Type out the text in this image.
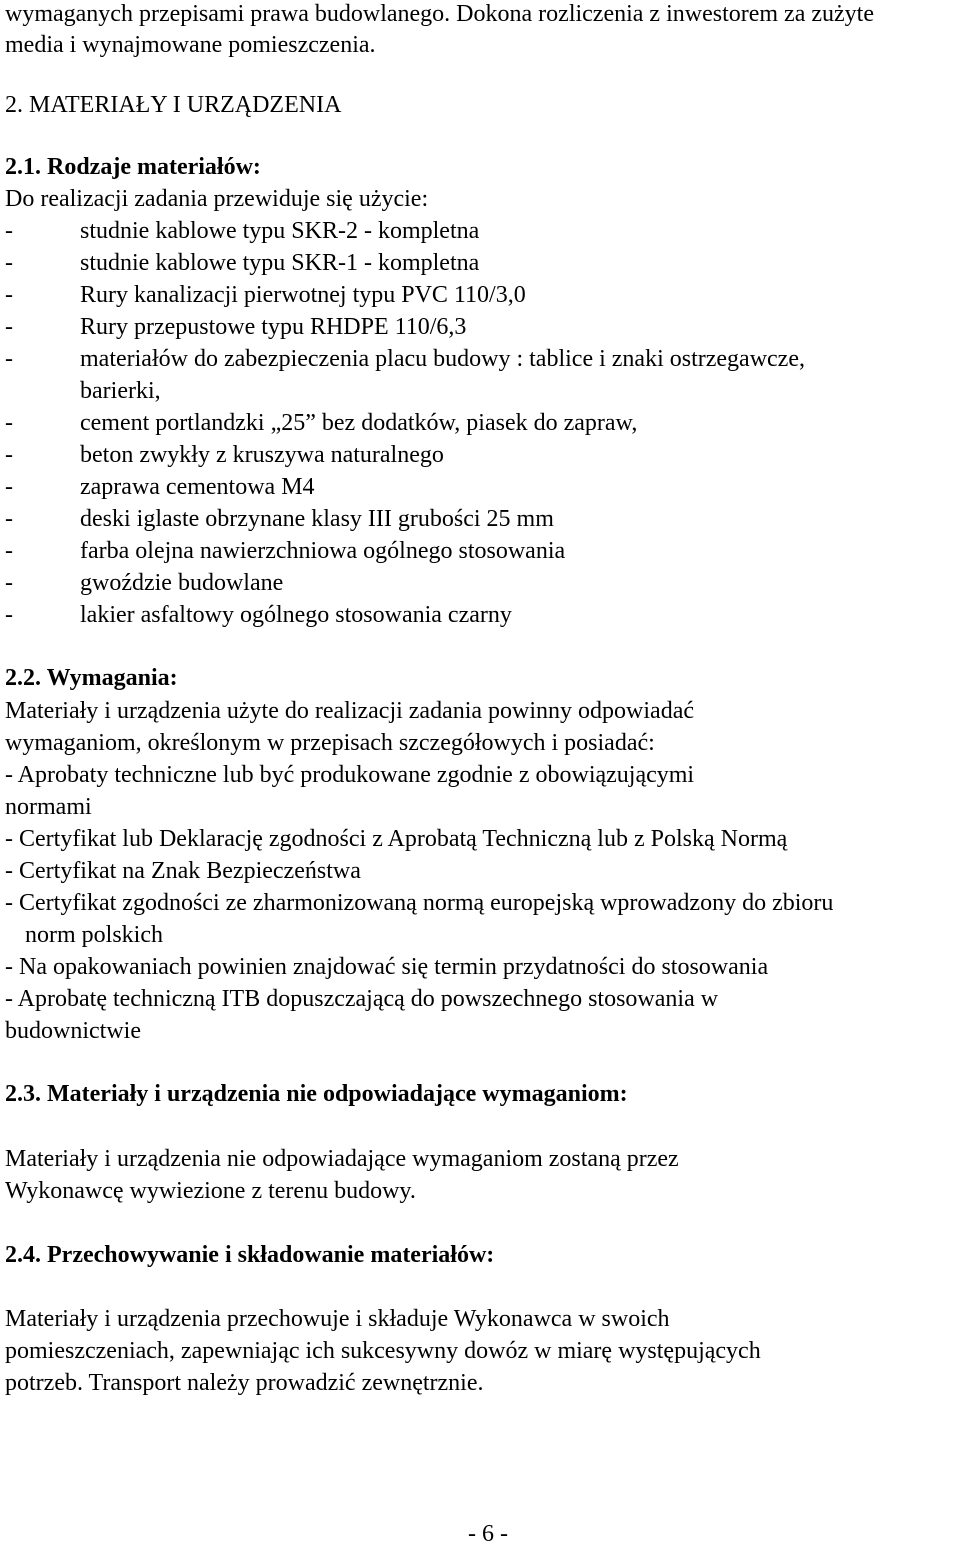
wymaganych przepisami prawa budowlanego. Dokona rozliczenia z inwestorem za zużyte
media i wynajmowane pomieszczenia.
2. MATERIAŁY I URZĄDZENIA
2.1. Rodzaje materiałów:
Do realizacji zadania przewiduje się użycie:
-	studnie kablowe typu SKR-2 - kompletna
-	studnie kablowe typu SKR-1 - kompletna
-	Rury kanalizacji pierwotnej typu PVC 110/3,0
-	Rury przepustowe typu RHDPE 110/6,3
-	materiałów do zabezpieczenia placu budowy : tablice i znaki ostrzegawcze,
barierki,
-	cement portlandzki „25” bez dodatków, piasek do zapraw,
-	beton zwykły z kruszywa naturalnego
-	zaprawa cementowa M4
-	deski iglaste obrzynane klasy III grubości 25 mm
-	farba olejna nawierzchniowa ogólnego stosowania
-	gwoździe budowlane
-	lakier asfaltowy ogólnego stosowania czarny
2.2. Wymagania:
Materiały i urządzenia użyte do realizacji zadania powinny odpowiadać
wymaganiom, określonym w przepisach szczegółowych i posiadać:
- Aprobaty techniczne lub być produkowane zgodnie z obowiązującymi
normami
- Certyfikat lub Deklarację zgodności z Aprobatą Techniczną lub z Polską Normą
- Certyfikat na Znak Bezpieczeństwa
- Certyfikat zgodności ze zharmonizowaną normą europejską wprowadzony do zbioru
norm polskich
- Na opakowaniach powinien znajdować się termin przydatności do stosowania
- Aprobatę techniczną ITB dopuszczającą do powszechnego stosowania w
budownictwie
2.3. Materiały i urządzenia nie odpowiadające wymaganiom:
Materiały i urządzenia nie odpowiadające wymaganiom zostaną przez
Wykonawcę wywiezione z terenu budowy.
2.4. Przechowywanie i składowanie materiałów:
Materiały i urządzenia przechowuje i składuje Wykonawca w swoich
pomieszczeniach, zapewniając ich sukcesywny dowóz w miarę występujących
potrzeb. Transport należy prowadzić zewnętrznie.
- 6 -
